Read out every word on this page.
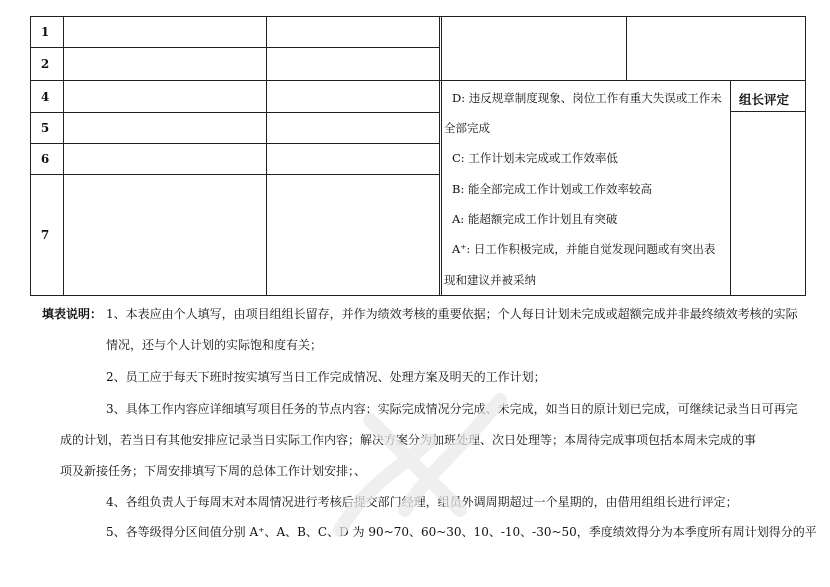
1
2
4
5
6
7
D: 违反规章制度现象、岗位工作有重大失误或工作未
全部完成
C: 工作计划未完成或工作效率低
B: 能全部完成工作计划或工作效率较高
A: 能超额完成工作计划且有突破
A⁺: 日工作积极完成，并能自觉发现问题或有突出表
现和建议并被采纳
组长评定
填表说明： 1、本表应由个人填写，由项目组组长留存，并作为绩效考核的重要依据；个人每日计划未完成或超额完成并非最终绩效考核的实际
情况，还与个人计划的实际饱和度有关；
2、员工应于每天下班时按实填写当日工作完成情况、处理方案及明天的工作计划；
3、具体工作内容应详细填写项目任务的节点内容；实际完成情况分完成、未完成，如当日的原计划已完成，可继续记录当日可再完
成的计划，若当日有其他安排应记录当日实际工作内容；解决方案分为加班处理、次日处理等；本周待完成事项包括本周未完成的事
项及新接任务；下周安排填写下周的总体工作计划安排；、
4、各组负责人于每周末对本周情况进行考核后提交部门经理，组员外调周期超过一个星期的，由借用组组长进行评定；
5、各等级得分区间值分别 A⁺、A、B、C、D 为 90~70、60~30、10、-10、-30~50，季度绩效得分为本季度所有周计划得分的平
